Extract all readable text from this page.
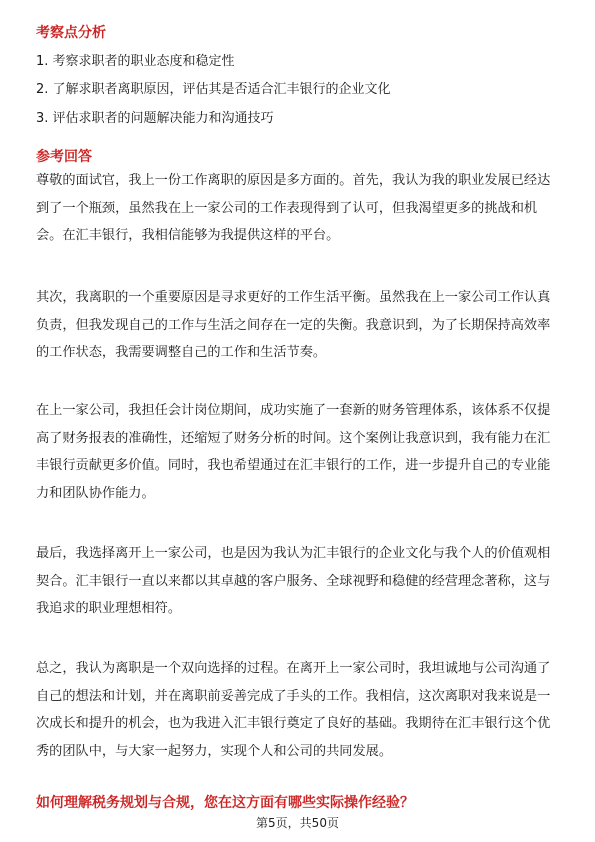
考察点分析
1. 考察求职者的职业态度和稳定性
2. 了解求职者离职原因，评估其是否适合汇丰银行的企业文化
3. 评估求职者的问题解决能力和沟通技巧
参考回答
尊敬的面试官，我上一份工作离职的原因是多方面的。首先，我认为我的职业发展已经达到了一个瓶颈，虽然我在上一家公司的工作表现得到了认可，但我渴望更多的挑战和机会。在汇丰银行，我相信能够为我提供这样的平台。
其次，我离职的一个重要原因是寻求更好的工作生活平衡。虽然我在上一家公司工作认真负责，但我发现自己的工作与生活之间存在一定的失衡。我意识到，为了长期保持高效率的工作状态，我需要调整自己的工作和生活节奏。
在上一家公司，我担任会计岗位期间，成功实施了一套新的财务管理体系，该体系不仅提高了财务报表的准确性，还缩短了财务分析的时间。这个案例让我意识到，我有能力在汇丰银行贡献更多价值。同时，我也希望通过在汇丰银行的工作，进一步提升自己的专业能力和团队协作能力。
最后，我选择离开上一家公司，也是因为我认为汇丰银行的企业文化与我个人的价值观相契合。汇丰银行一直以来都以其卓越的客户服务、全球视野和稳健的经营理念著称，这与我追求的职业理想相符。
总之，我认为离职是一个双向选择的过程。在离开上一家公司时，我坦诚地与公司沟通了自己的想法和计划，并在离职前妥善完成了手头的工作。我相信，这次离职对我来说是一次成长和提升的机会，也为我进入汇丰银行奠定了良好的基础。我期待在汇丰银行这个优秀的团队中，与大家一起努力，实现个人和公司的共同发展。
如何理解税务规划与合规，您在这方面有哪些实际操作经验？
第5页，共50页
